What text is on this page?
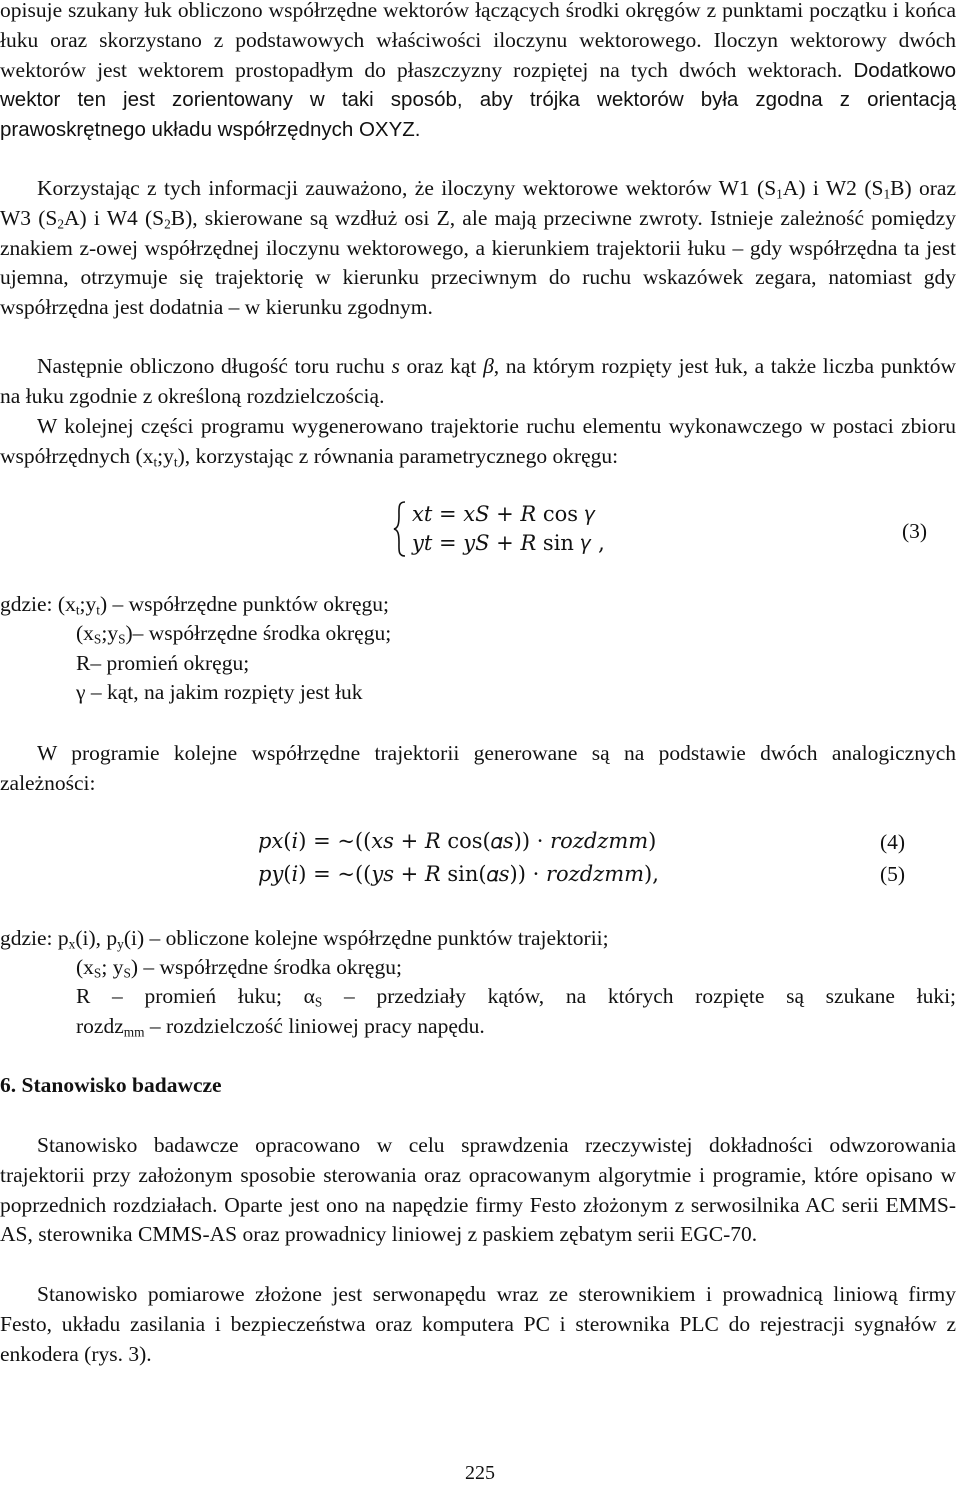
opisuje szukany łuk obliczono współrzędne wektorów łączących środki okręgów z punktami początku i końca łuku oraz skorzystano z podstawowych właściwości iloczynu wektorowego. Iloczyn wektorowy dwóch wektorów jest wektorem prostopadłym do płaszczyzny rozpiętej na tych dwóch wektorach. Dodatkowo wektor ten jest zorientowany w taki sposób, aby trójka wektorów była zgodna z orientacją prawoskrętnego układu współrzędnych OXYZ.

Korzystając z tych informacji zauważono, że iloczyny wektorowe wektorów W1 $(S_1A)$ i W2 $(S_1B)$ oraz W3 $(S_2A)$ i W4 $(S_2B)$, skierowane są wzdłuż osi Z, ale mają przeciwne zwroty. Istnieje zależność pomiędzy znakiem z-owej współrzędnej iloczynu wektorowego, a kierunkiem trajektorii łuku – gdy współrzędna ta jest ujemna, otrzymuje się trajektorię w kierunku przeciwnym do ruchu wskazówek zegara, natomiast gdy współrzędna jest dodatnia – w kierunku zgodnym.

Następnie obliczono długość toru ruchu s oraz kąt β, na którym rozpięty jest łuk, a także liczba punktów na łuku zgodnie z określoną rozdzielczością.

W kolejnej części programu wygenerowano trajektorie ruchu elementu wykonawczego w postaci zbioru współrzędnych $(x_t;y_t)$, korzystając z równania parametrycznego okręgu:

𝑥𝑡 = 𝑥𝑆 + 𝑅 cos 𝛾
𝑦𝑡 = 𝑦𝑆 + 𝑅 sin 𝛾 ,	(3)
gdzie: $(x_t;y_t)$ – współrzędne punktów okręgu;
$(x_S;y_S)-$ współrzędne środka okręgu;
R– promień okręgu;
γ – kąt, na jakim rozpięty jest łuk

W programie kolejne współrzędne trajektorii generowane są na podstawie dwóch analogicznych zależności:

𝑝𝑥(𝑖) = ~((𝑥𝑠 + 𝑅 cos(𝛼𝑠)) · 𝑟𝑜𝑧𝑑𝑧𝑚𝑚)	(4)
𝑝𝑦(𝑖) = ~((𝑦𝑠 + 𝑅 sin(𝛼𝑠)) · 𝑟𝑜𝑧𝑑𝑧𝑚𝑚),	(5)
gdzie: $p_x(i)$, $p_y(i)$ – obliczone kolejne współrzędne punktów trajektorii;
($x_S$; $y_S$) – współrzędne środka okręgu;
R – promień łuku; $\alpha_S$ – przedziały kątów, na których rozpięte są szukane łuki;
rozdz$_{mm}$ – rozdzielczość liniowej pracy napędu.
6. Stanowisko badawcze

Stanowisko badawcze opracowano w celu sprawdzenia rzeczywistej dokładności odwzorowania trajektorii przy założonym sposobie sterowania oraz opracowanym algorytmie i programie, które opisano w poprzednich rozdziałach. Oparte jest ono na napędzie firmy Festo złożonym z serwosilnika AC serii EMMS-AS, sterownika CMMS-AS oraz prowadnicy liniowej z paskiem zębatym serii EGC-70.

Stanowisko pomiarowe złożone jest serwonapędu wraz ze sterownikiem i prowadnicą liniową firmy Festo, układu zasilania i bezpieczeństwa oraz komputera PC i sterownika PLC do rejestracji sygnałów z enkodera (rys. 3).

225
